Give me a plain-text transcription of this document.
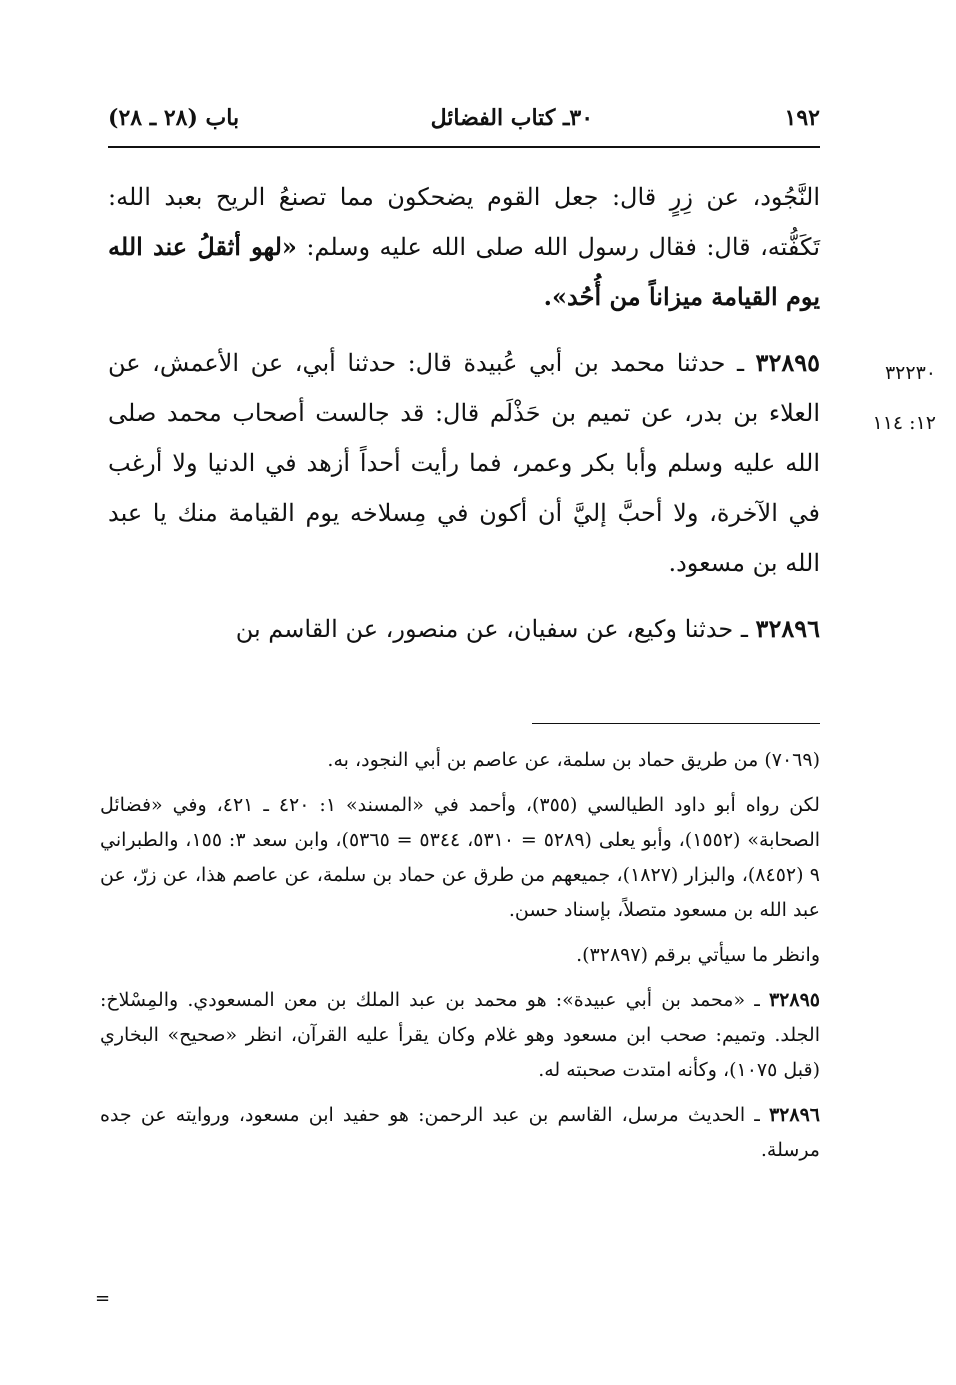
١٩٢
٣٠ـ كتاب الفضائل
باب (٢٨ ـ ٢٨)

النَّجُود، عن زِرٍ قال: جعل القوم يضحكون مما تصنعُ الريح بعبد الله: تَكَفُّته، قال: فقال رسول الله صلى الله عليه وسلم: «لهو أثقلُ عند الله يوم القيامة ميزاناً من أُحُد».

٣٢٨٩٥ ـ حدثنا محمد بن أبي عُبيدة قال: حدثنا أبي، عن الأعمش، عن العلاء بن بدر، عن تميم بن حَذْلَم قال: قد جالست أصحاب محمد صلى الله عليه وسلم وأبا بكر وعمر، فما رأيت أحداً أزهد في الدنيا ولا أرغب في الآخرة، ولا أحبَّ إليَّ أن أكون في مِسلاخه يوم القيامة منك يا عبد الله بن مسعود.

٣٢٨٩٦ ـ حدثنا وكيع، عن سفيان، عن منصور، عن القاسم بن

٣٢٢٣٠
١٢: ١١٤

(٧٠٦٩) من طريق حماد بن سلمة، عن عاصم بن أبي النجود، به.

لكن رواه أبو داود الطيالسي (٣٥٥)، وأحمد في «المسند» ١: ٤٢٠ ـ ٤٢١، وفي «فضائل الصحابة» (١٥٥٢)، وأبو يعلى (٥٢٨٩ = ٥٣١٠، ٥٣٤٤ = ٥٣٦٥)، وابن سعد ٣: ١٥٥، والطبراني ٩ (٨٤٥٢)، والبزار (١٨٢٧)، جميعهم من طرق عن حماد بن سلمة، عن عاصم هذا، عن زرّ، عن عبد الله بن مسعود متصلاً، بإسناد حسن.

وانظر ما سيأتي برقم (٣٢٨٩٧).

٣٢٨٩٥ ـ «محمد بن أبي عبيدة»: هو محمد بن عبد الملك بن معن المسعودي. والمِسْلاخ: الجلد. وتميم: صحب ابن مسعود وهو غلام وكان يقرأ عليه القرآن، انظر «صحيح» البخاري (قبل ١٠٧٥)، وكأنه امتدت صحبته له.

٣٢٨٩٦ ـ الحديث مرسل، القاسم بن عبد الرحمن: هو حفيد ابن مسعود، وروايته عن جده مرسلة.

=
